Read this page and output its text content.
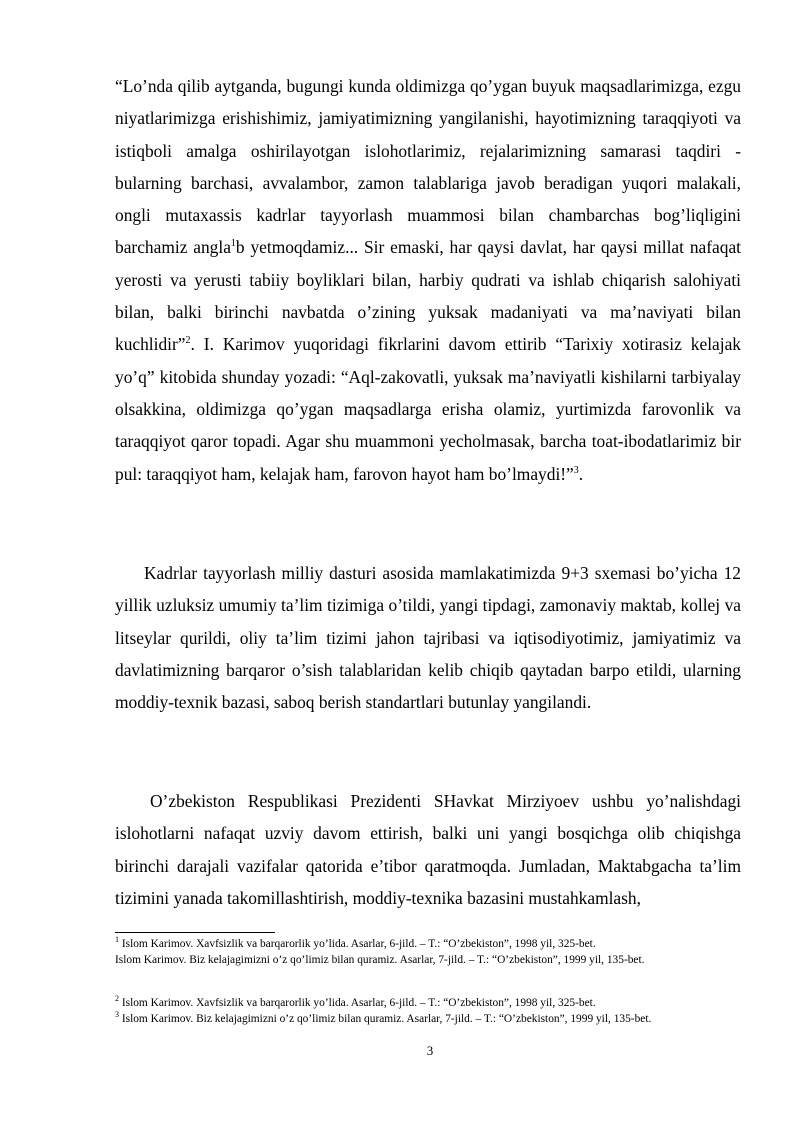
“Lo’nda qilib aytganda, bugungi kunda oldimizga qo’ygan buyuk maqsadlarimizga, ezgu niyatlarimizga erishishimiz, jamiyatimizning yangilanishi, hayotimizning taraqqiyoti va istiqboli amalga oshirilayotgan islohotlarimiz, rejalarimizning samarasi taqdiri - bularning barchasi, avvalambor, zamon talablariga javob beradigan yuqori malakali, ongli mutaxassis kadrlar tayyorlash muammosi bilan chambarchas bog’liqligini barchamiz angla$^1$b yetmoqdamiz... Sir emaski, har qaysi davlat, har qaysi millat nafaqat yerosti va yerusti tabiiy boyliklari bilan, harbiy qudrati va ishlab chiqarish salohiyati bilan, balki birinchi navbatda o’zining yuksak madaniyati va ma’naviyati bilan kuchlidir”$^2$. I. Karimov yuqoridagi fikrlarini davom ettirib “Tarixiy xotirasiz kelajak yo’q” kitobida shunday yozadi: “Aql-zakovatli, yuksak ma’naviyatli kishilarni tarbiyalay olsakkina, oldimizga qo’ygan maqsadlarga erisha olamiz, yurtimizda farovonlik va taraqqiyot qaror topadi. Agar shu muammoni yecholmasak, barcha toat-ibodatlarimiz bir pul: taraqqiyot ham, kelajak ham, farovon hayot ham bo’lmaydi!”$^3$.

Kadrlar tayyorlash milliy dasturi asosida mamlakatimizda 9+3 sxemasi bo’yicha 12 yillik uzluksiz umumiy ta’lim tizimiga o’tildi, yangi tipdagi, zamonaviy maktab, kollej va litseylar qurildi, oliy ta’lim tizimi jahon tajribasi va iqtisodiyotimiz, jamiyatimiz va davlatimizning barqaror o’sish talablaridan kelib chiqib qaytadan barpo etildi, ularning moddiy-texnik bazasi, saboq berish standartlari butunlay yangilandi.

O’zbekiston Respublikasi Prezidenti SHavkat Mirziyoev ushbu yo’nalishdagi islohotlarni nafaqat uzviy davom ettirish, balki uni yangi bosqichga olib chiqishga birinchi darajali vazifalar qatorida e’tibor qaratmoqda. Jumladan, Maktabgacha ta’lim tizimini yanada takomillashtirish, moddiy-texnika bazasini mustahkamlash,

$^1$ Islom Karimov. Xavfsizlik va barqarorlik yo’lida. Asarlar, 6-jild. – T.: “O’zbekiston”, 1998 yil, 325-bet.
Islom Karimov. Biz kelajagimizni o’z qo’limiz bilan quramiz. Asarlar, 7-jild. – T.: “O’zbekiston”, 1999 yil, 135-bet.
$^2$ Islom Karimov. Xavfsizlik va barqarorlik yo’lida. Asarlar, 6-jild. – T.: “O’zbekiston”, 1998 yil, 325-bet.
$^3$ Islom Karimov. Biz kelajagimizni o’z qo’limiz bilan quramiz. Asarlar, 7-jild. – T.: “O’zbekiston”, 1999 yil, 135-bet.
3
